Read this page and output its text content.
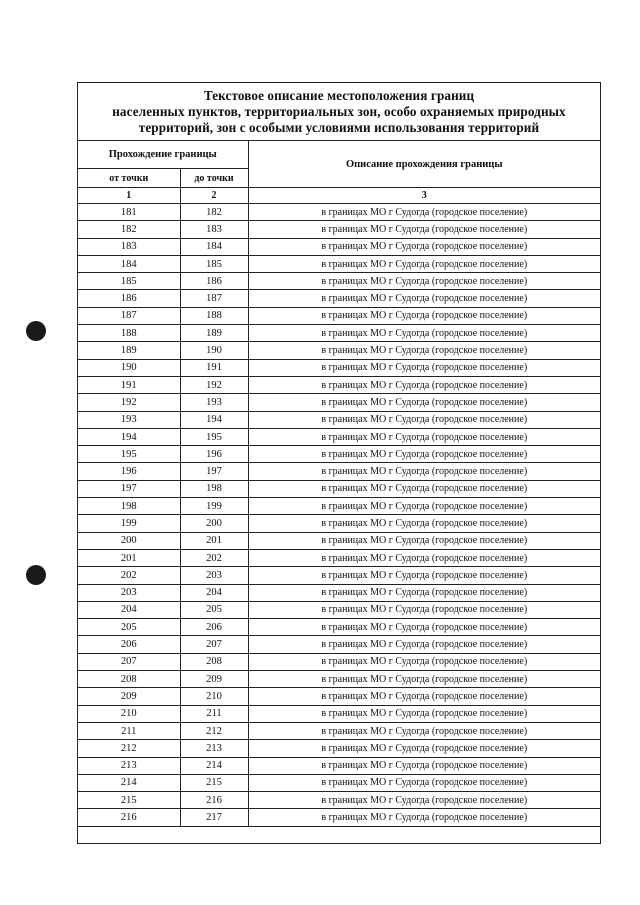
Текстовое описание местоположения границ
населенных пунктов, территориальных зон, особо охраняемых природных
территорий, зон с особыми условиями использования территорий
Прохождение границы		Описание прохождения границы
от точки	до точки	
1	2	3
181	182	в границах МО г Судогда (городское поселение)
182	183	в границах МО г Судогда (городское поселение)
183	184	в границах МО г Судогда (городское поселение)
184	185	в границах МО г Судогда (городское поселение)
185	186	в границах МО г Судогда (городское поселение)
186	187	в границах МО г Судогда (городское поселение)
187	188	в границах МО г Судогда (городское поселение)
188	189	в границах МО г Судогда (городское поселение)
189	190	в границах МО г Судогда (городское поселение)
190	191	в границах МО г Судогда (городское поселение)
191	192	в границах МО г Судогда (городское поселение)
192	193	в границах МО г Судогда (городское поселение)
193	194	в границах МО г Судогда (городское поселение)
194	195	в границах МО г Судогда (городское поселение)
195	196	в границах МО г Судогда (городское поселение)
196	197	в границах МО г Судогда (городское поселение)
197	198	в границах МО г Судогда (городское поселение)
198	199	в границах МО г Судогда (городское поселение)
199	200	в границах МО г Судогда (городское поселение)
200	201	в границах МО г Судогда (городское поселение)
201	202	в границах МО г Судогда (городское поселение)
202	203	в границах МО г Судогда (городское поселение)
203	204	в границах МО г Судогда (городское поселение)
204	205	в границах МО г Судогда (городское поселение)
205	206	в границах МО г Судогда (городское поселение)
206	207	в границах МО г Судогда (городское поселение)
207	208	в границах МО г Судогда (городское поселение)
208	209	в границах МО г Судогда (городское поселение)
209	210	в границах МО г Судогда (городское поселение)
210	211	в границах МО г Судогда (городское поселение)
211	212	в границах МО г Судогда (городское поселение)
212	213	в границах МО г Судогда (городское поселение)
213	214	в границах МО г Судогда (городское поселение)
214	215	в границах МО г Судогда (городское поселение)
215	216	в границах МО г Судогда (городское поселение)
216	217	в границах МО г Судогда (городское поселение)
